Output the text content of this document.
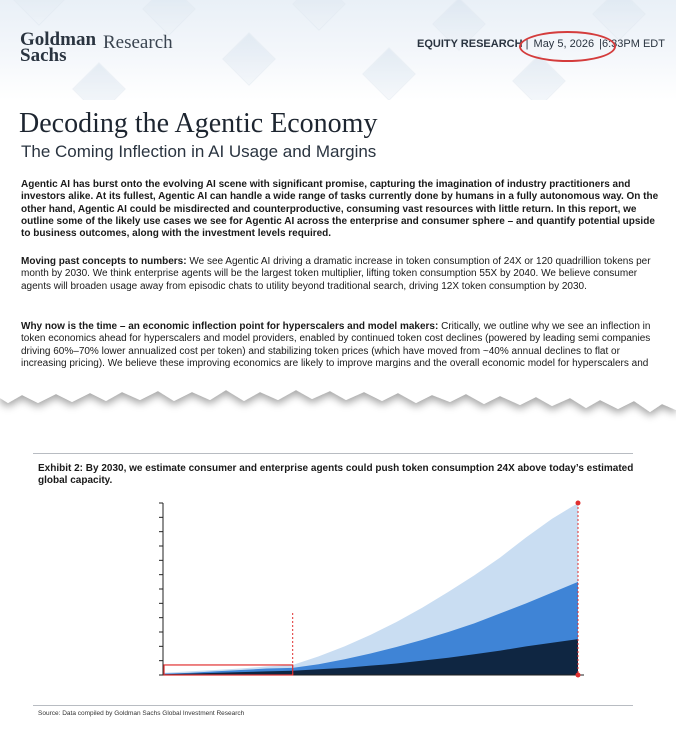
Goldman
Sachs
Research	EQUITY RESEARCH | May 5, 2026 |6:33PM EDT
Decoding the Agentic Economy
The Coming Inflection in AI Usage and Margins
Agentic AI has burst onto the evolving AI scene with significant promise, capturing the imagination of industry practitioners and investors alike. At its fullest, Agentic AI can handle a wide range of tasks currently done by humans in a fully autonomous way. On the other hand, Agentic AI could be misdirected and counterproductive, consuming vast resources with little return. In this report, we outline some of the likely use cases we see for Agentic AI across the enterprise and consumer sphere – and quantify potential upside to business outcomes, along with the investment levels required.
Moving past concepts to numbers: We see Agentic AI driving a dramatic increase in token consumption of 24X or 120 quadrillion tokens per month by 2030. We think enterprise agents will be the largest token multiplier, lifting token consumption 55X by 2040. We believe consumer agents will broaden usage away from episodic chats to utility beyond traditional search, driving 12X token consumption by 2030.
Why now is the time – an economic inflection point for hyperscalers and model makers: Critically, we outline why we see an inflection in token economics ahead for hyperscalers and model providers, enabled by continued token cost declines (powered by leading semi companies driving 60%–70% lower annualized cost per token) and stabilizing token prices (which have moved from ~40% annual declines to flat or increasing pricing). We believe these improving economics are likely to improve margins and the overall economic model for hyperscalers and
Exhibit 2: By 2030, we estimate consumer and enterprise agents could push token consumption 24X above today’s estimated global capacity.
Source: Data compiled by Goldman Sachs Global Investment Research
